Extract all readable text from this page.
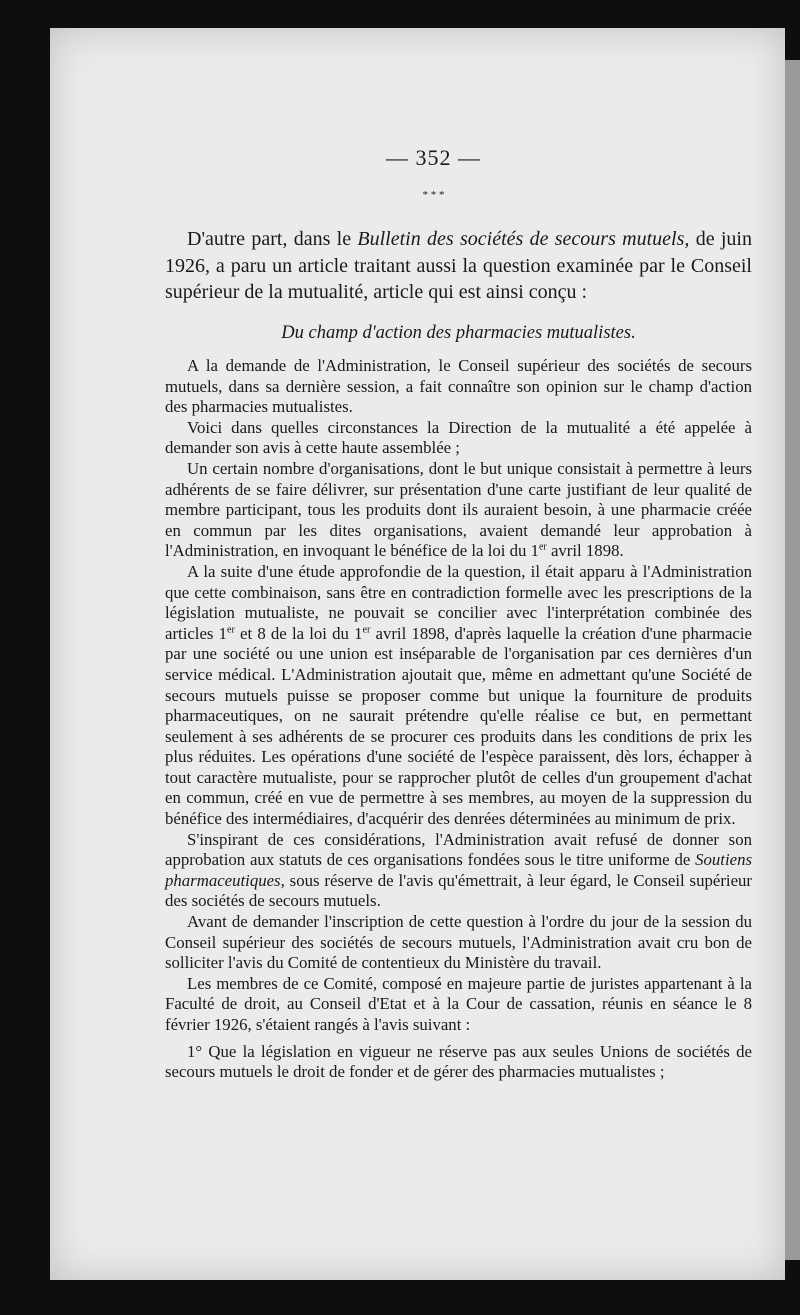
— 352 —
* * *

D'autre part, dans le Bulletin des sociétés de secours mutuels, de juin 1926, a paru un article traitant aussi la question examinée par le Conseil supérieur de la mutualité, article qui est ainsi conçu :

Du champ d'action des pharmacies mutualistes.

A la demande de l'Administration, le Conseil supérieur des sociétés de secours mutuels, dans sa dernière session, a fait connaître son opinion sur le champ d'action des pharmacies mutualistes.

Voici dans quelles circonstances la Direction de la mutualité a été appelée à demander son avis à cette haute assemblée ;

Un certain nombre d'organisations, dont le but unique consistait à permettre à leurs adhérents de se faire délivrer, sur présentation d'une carte justifiant de leur qualité de membre participant, tous les produits dont ils auraient besoin, à une pharmacie créée en commun par les dites organisations, avaient demandé leur approbation à l'Administration, en invoquant le bénéfice de la loi du 1er avril 1898.

A la suite d'une étude approfondie de la question, il était apparu à l'Administration que cette combinaison, sans être en contradiction formelle avec les prescriptions de la législation mutualiste, ne pouvait se concilier avec l'interprétation combinée des articles 1er et 8 de la loi du 1er avril 1898, d'après laquelle la création d'une pharmacie par une société ou une union est inséparable de l'organisation par ces dernières d'un service médical. L'Administration ajoutait que, même en admettant qu'une Société de secours mutuels puisse se proposer comme but unique la fourniture de produits pharmaceutiques, on ne saurait prétendre qu'elle réalise ce but, en permettant seulement à ses adhérents de se procurer ces produits dans les conditions de prix les plus réduites. Les opérations d'une société de l'espèce paraissent, dès lors, échapper à tout caractère mutualiste, pour se rapprocher plutôt de celles d'un groupement d'achat en commun, créé en vue de permettre à ses membres, au moyen de la suppression du bénéfice des intermédiaires, d'acquérir des denrées déterminées au minimum de prix.

S'inspirant de ces considérations, l'Administration avait refusé de donner son approbation aux statuts de ces organisations fondées sous le titre uniforme de Soutiens pharmaceutiques, sous réserve de l'avis qu'émettrait, à leur égard, le Conseil supérieur des sociétés de secours mutuels.

Avant de demander l'inscription de cette question à l'ordre du jour de la session du Conseil supérieur des sociétés de secours mutuels, l'Administration avait cru bon de solliciter l'avis du Comité de contentieux du Ministère du travail.

Les membres de ce Comité, composé en majeure partie de juristes appartenant à la Faculté de droit, au Conseil d'Etat et à la Cour de cassation, réunis en séance le 8 février 1926, s'étaient rangés à l'avis suivant :

1° Que la législation en vigueur ne réserve pas aux seules Unions de sociétés de secours mutuels le droit de fonder et de gérer des pharmacies mutualistes ;
